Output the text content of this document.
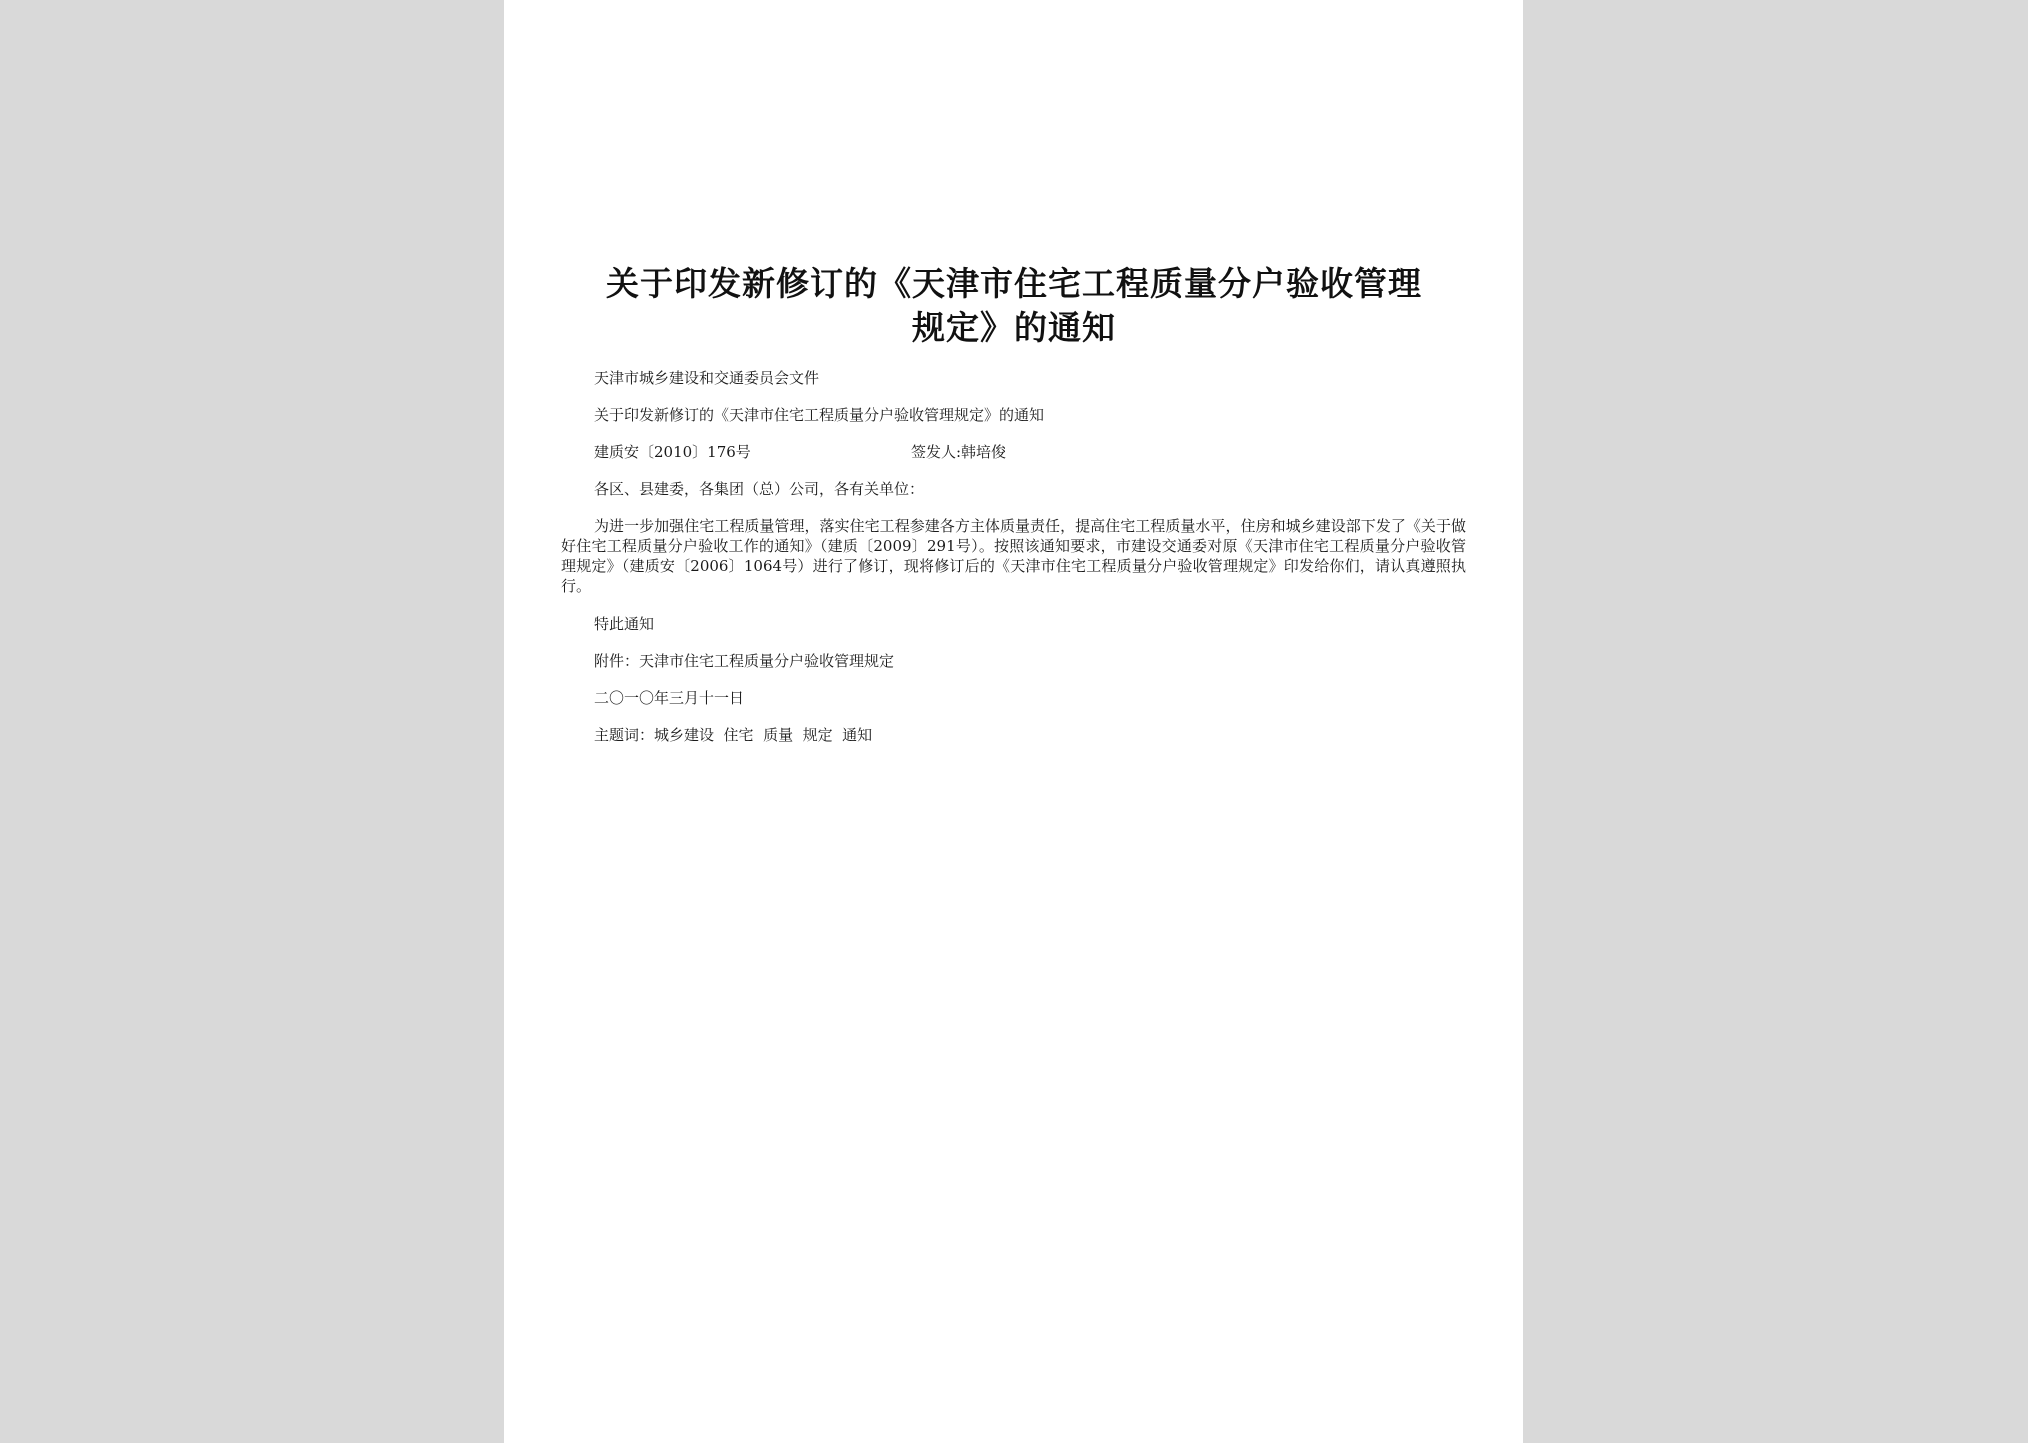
关于印发新修订的《天津市住宅工程质量分户验收管理
规定》的通知
天津市城乡建设和交通委员会文件
关于印发新修订的《天津市住宅工程质量分户验收管理规定》的通知
建质安〔2010〕176号	签发人:韩培俊
各区、县建委，各集团（总）公司，各有关单位：
为进一步加强住宅工程质量管理，落实住宅工程参建各方主体质量责任，提高住宅工程质量水平，住房和城乡建设部下发了《关于做好住宅工程质量分户验收工作的通知》（建质〔2009〕291号）。按照该通知要求，市建设交通委对原《天津市住宅工程质量分户验收管理规定》（建质安〔2006〕1064号）进行了修订，现将修订后的《天津市住宅工程质量分户验收管理规定》印发给你们，请认真遵照执行。
特此通知
附件：天津市住宅工程质量分户验收管理规定
二〇一〇年三月十一日
主题词：城乡建设  住宅  质量  规定  通知
